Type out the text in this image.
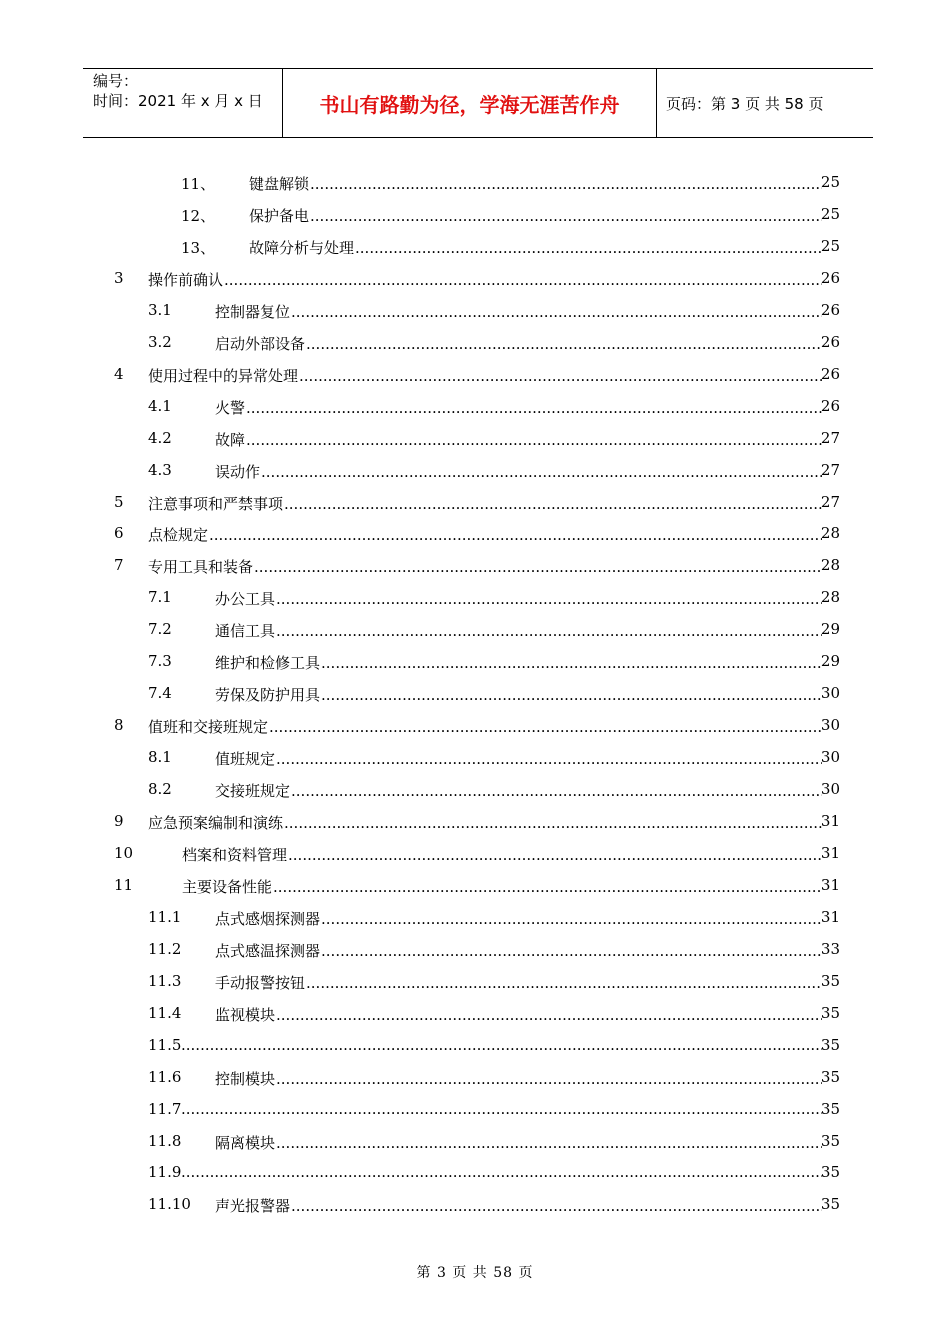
编号：
时间：2021 年 x 月 x 日	书山有路勤为径，学海无涯苦作舟	页码：第 3 页 共 58 页
11、 键盘解锁 .....	25
12、 保护备电 .....	25
13、 故障分析与处理 .....	25
3 操作前确认 .....	26
3.1	控制器复位 .....	26
3.2	启动外部设备 .....	26
4 使用过程中的异常处理 .....	26
4.1	火警 .....	26
4.2	故障 .....	27
4.3	误动作 .....	27
5 注意事项和严禁事项 .....	27
6 点检规定 .....	28
7 专用工具和装备 .....	28
7.1	办公工具 .....	28
7.2	通信工具 .....	29
7.3	维护和检修工具 .....	29
7.4	劳保及防护用具 .....	30
8 值班和交接班规定 .....	30
8.1	值班规定 .....	30
8.2	交接班规定 .....	30
9 应急预案编制和演练 .....	31
10	档案和资料管理 .....	31
11	主要设备性能 .....	31
11.1 点式感烟探测器 .....	31
11.2 点式感温探测器 .....	33
11.3 手动报警按钮 .....	35
11.4 监视模块 .....	35
11.5 .....	35
11.6 控制模块 .....	35
11.7 .....	35
11.8 隔离模块 .....	35
11.9 .....	35
11.10 声光报警器 .....	35
第 3 页 共 58 页
